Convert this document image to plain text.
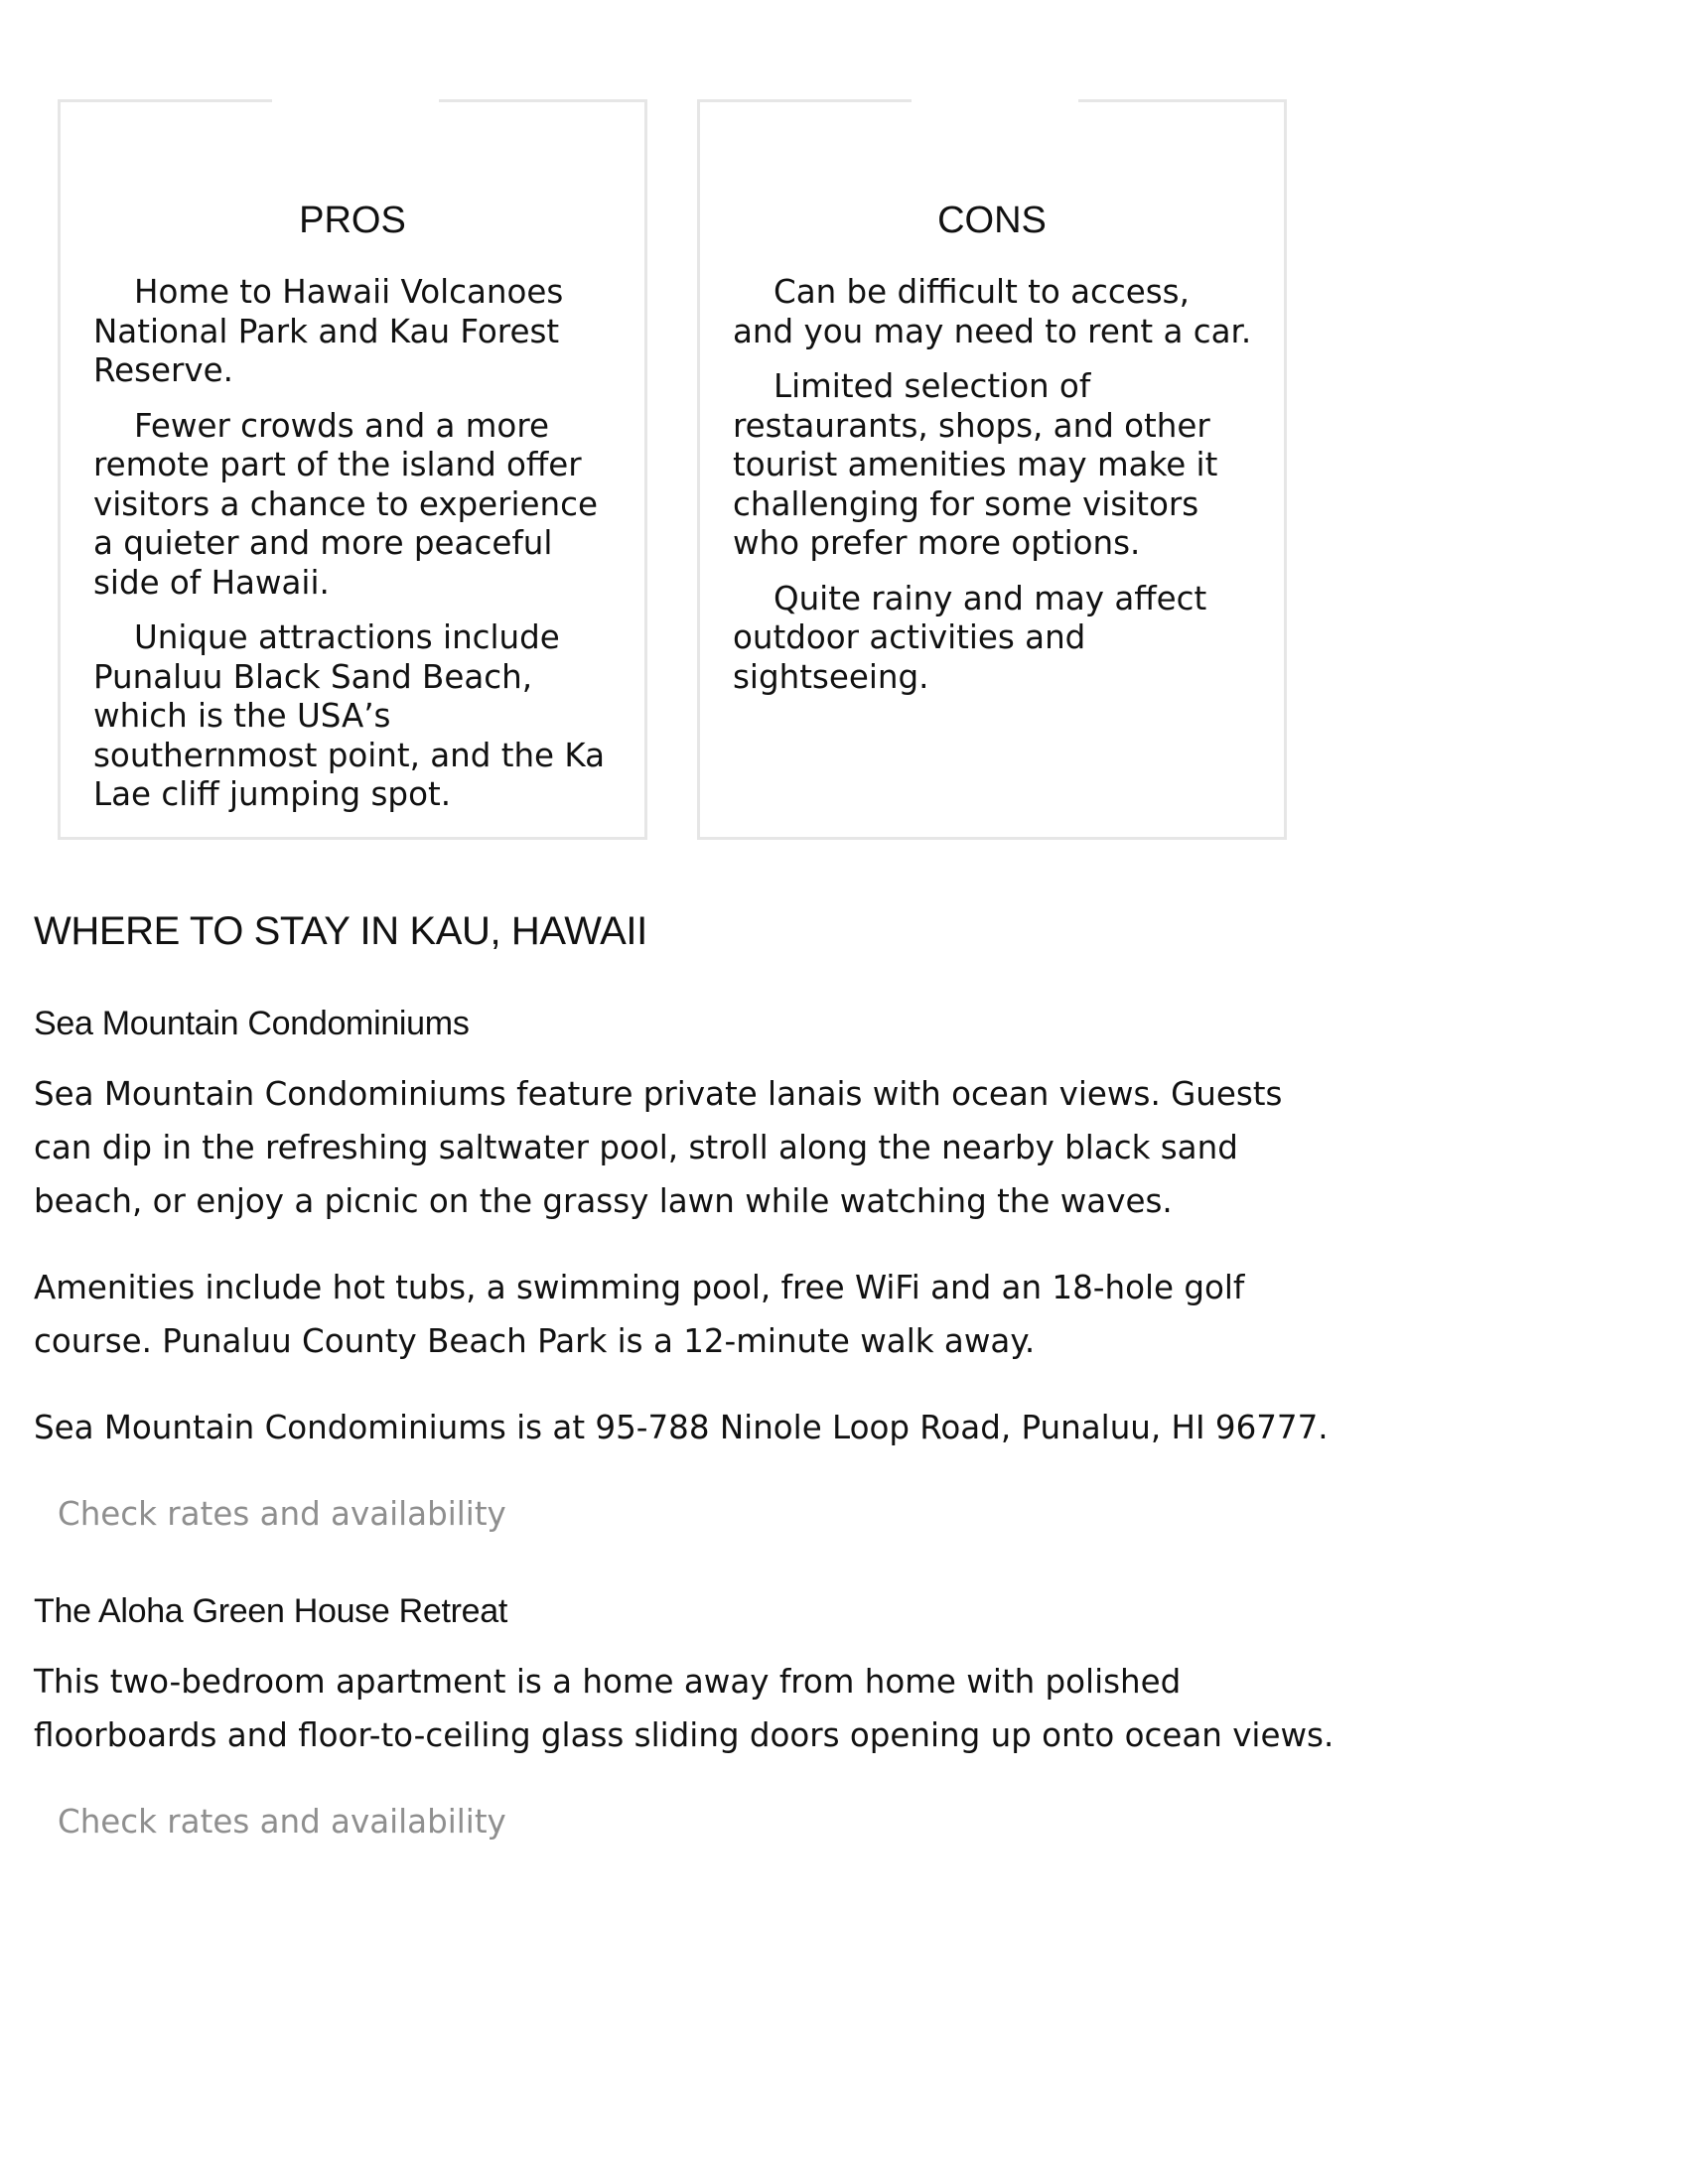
PROS

Home to Hawaii Volcanoes National Park and Kau Forest Reserve.

Fewer crowds and a more remote part of the island offer visitors a chance to experience a quieter and more peaceful side of Hawaii.

Unique attractions include Punaluu Black Sand Beach, which is the USA’s southernmost point, and the Ka Lae cliff jumping spot.

CONS

Can be difficult to access, and you may need to rent a car.

Limited selection of restaurants, shops, and other tourist amenities may make it challenging for some visitors who prefer more options.

Quite rainy and may affect outdoor activities and sightseeing.

WHERE TO STAY IN KAU, HAWAII
Sea Mountain Condominiums

Sea Mountain Condominiums feature private lanais with ocean views. Guests can dip in the refreshing saltwater pool, stroll along the nearby black sand beach, or enjoy a picnic on the grassy lawn while watching the waves.

Amenities include hot tubs, a swimming pool, free WiFi and an 18-hole golf course. Punaluu County Beach Park is a 12-minute walk away.

Sea Mountain Condominiums is at 95-788 Ninole Loop Road, Punaluu, HI 96777.

Check rates and availability
The Aloha Green House Retreat

This two-bedroom apartment is a home away from home with polished floorboards and floor-to-ceiling glass sliding doors opening up onto ocean views.

Check rates and availability
